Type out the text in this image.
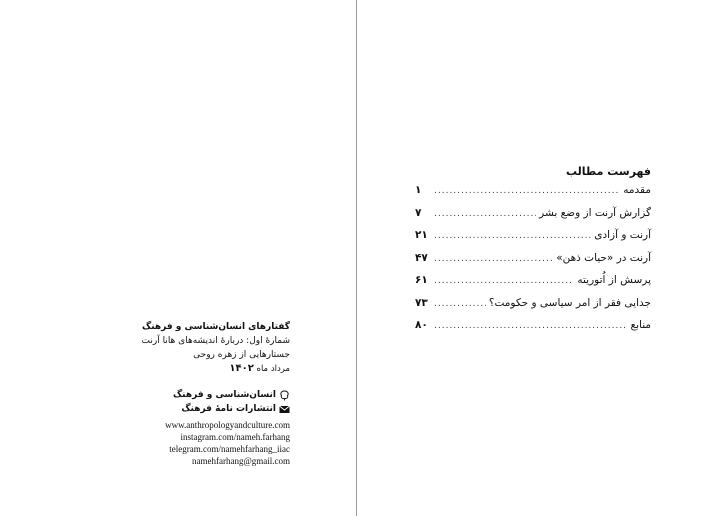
گفتارهای انسان‌شناسی و فرهنگ
شمارهٔ اول: دربارهٔ اندیشه‌های هانا آرنت
جستارهایی از زهره روحی
مرداد ماه ۱۴۰۲
انسان‌شناسی و فرهنگ
انتشارات نامهٔ فرهنگ
www.anthropologyandculture.com
instagram.com/nameh.farhang
telegram.com/namehfarhang_iiac
namehfarhang@gmail.com
فهرست مطالب
مقدمه
.....
۱
گزارش آرنت از وضع بشر
.....
۷
آرنت و آزادی
.....
۲۱
آرنت در «حیات ذهن»
.....
۴۷
پرسش از اُتوریته
.....
۶۱
جدایی فقر از امر سیاسی و حکومت؟
.....
۷۳
منابع
.....
۸۰
